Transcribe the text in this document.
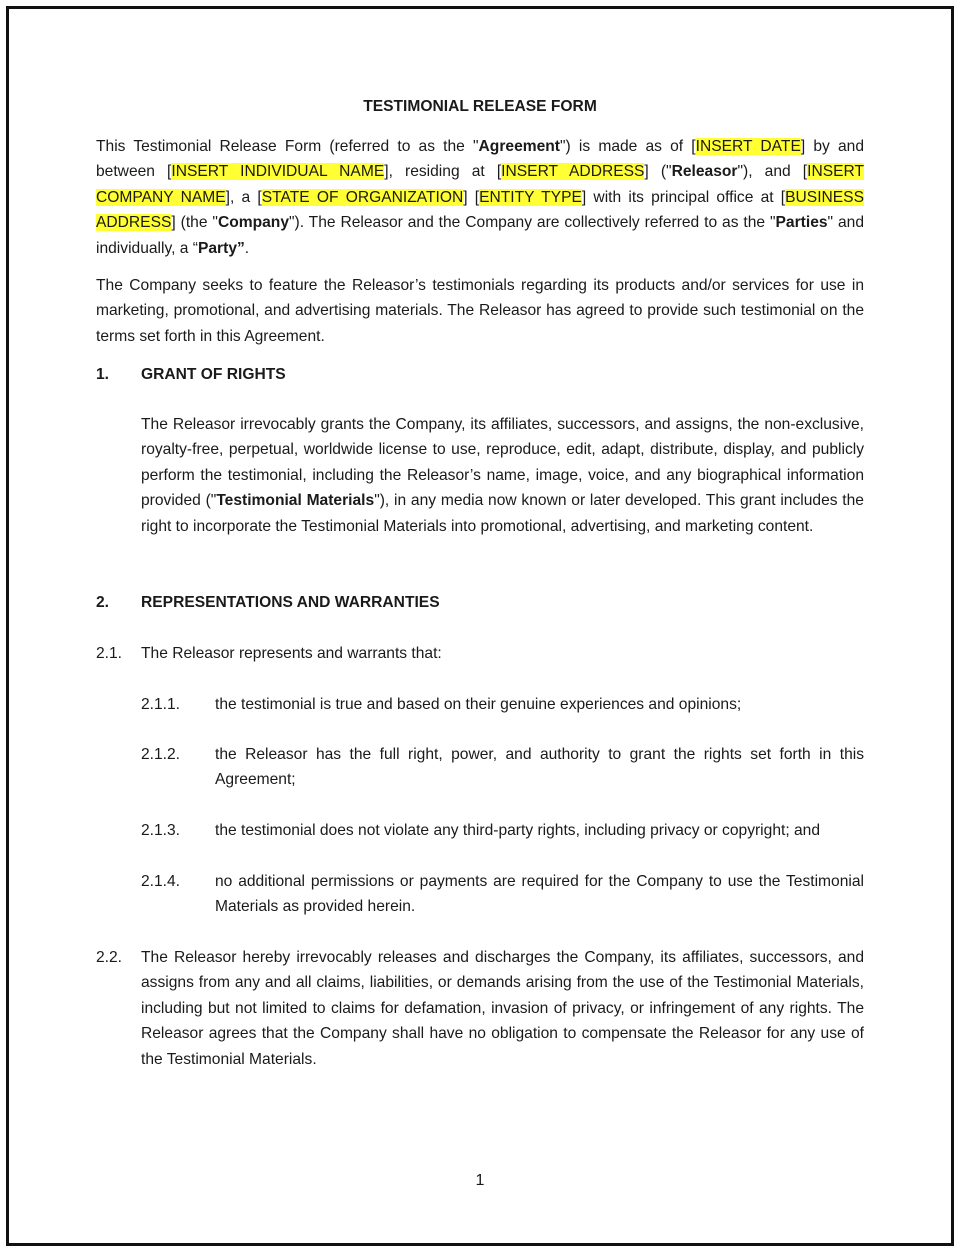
TESTIMONIAL RELEASE FORM
This Testimonial Release Form (referred to as the "Agreement") is made as of [INSERT DATE] by and between [INSERT INDIVIDUAL NAME], residing at [INSERT ADDRESS] ("Releasor"), and [INSERT COMPANY NAME], a [STATE OF ORGANIZATION] [ENTITY TYPE] with its principal office at [BUSINESS ADDRESS] (the "Company"). The Releasor and the Company are collectively referred to as the "Parties" and individually, a “Party”.
The Company seeks to feature the Releasor’s testimonials regarding its products and/or services for use in marketing, promotional, and advertising materials. The Releasor has agreed to provide such testimonial on the terms set forth in this Agreement.
1. GRANT OF RIGHTS
The Releasor irrevocably grants the Company, its affiliates, successors, and assigns, the non-exclusive, royalty-free, perpetual, worldwide license to use, reproduce, edit, adapt, distribute, display, and publicly perform the testimonial, including the Releasor’s name, image, voice, and any biographical information provided ("Testimonial Materials"), in any media now known or later developed. This grant includes the right to incorporate the Testimonial Materials into promotional, advertising, and marketing content.
2. REPRESENTATIONS AND WARRANTIES
2.1. The Releasor represents and warrants that:
2.1.1. the testimonial is true and based on their genuine experiences and opinions;
2.1.2. the Releasor has the full right, power, and authority to grant the rights set forth in this Agreement;
2.1.3. the testimonial does not violate any third-party rights, including privacy or copyright; and
2.1.4. no additional permissions or payments are required for the Company to use the Testimonial Materials as provided herein.
2.2. The Releasor hereby irrevocably releases and discharges the Company, its affiliates, successors, and assigns from any and all claims, liabilities, or demands arising from the use of the Testimonial Materials, including but not limited to claims for defamation, invasion of privacy, or infringement of any rights. The Releasor agrees that the Company shall have no obligation to compensate the Releasor for any use of the Testimonial Materials.
1
